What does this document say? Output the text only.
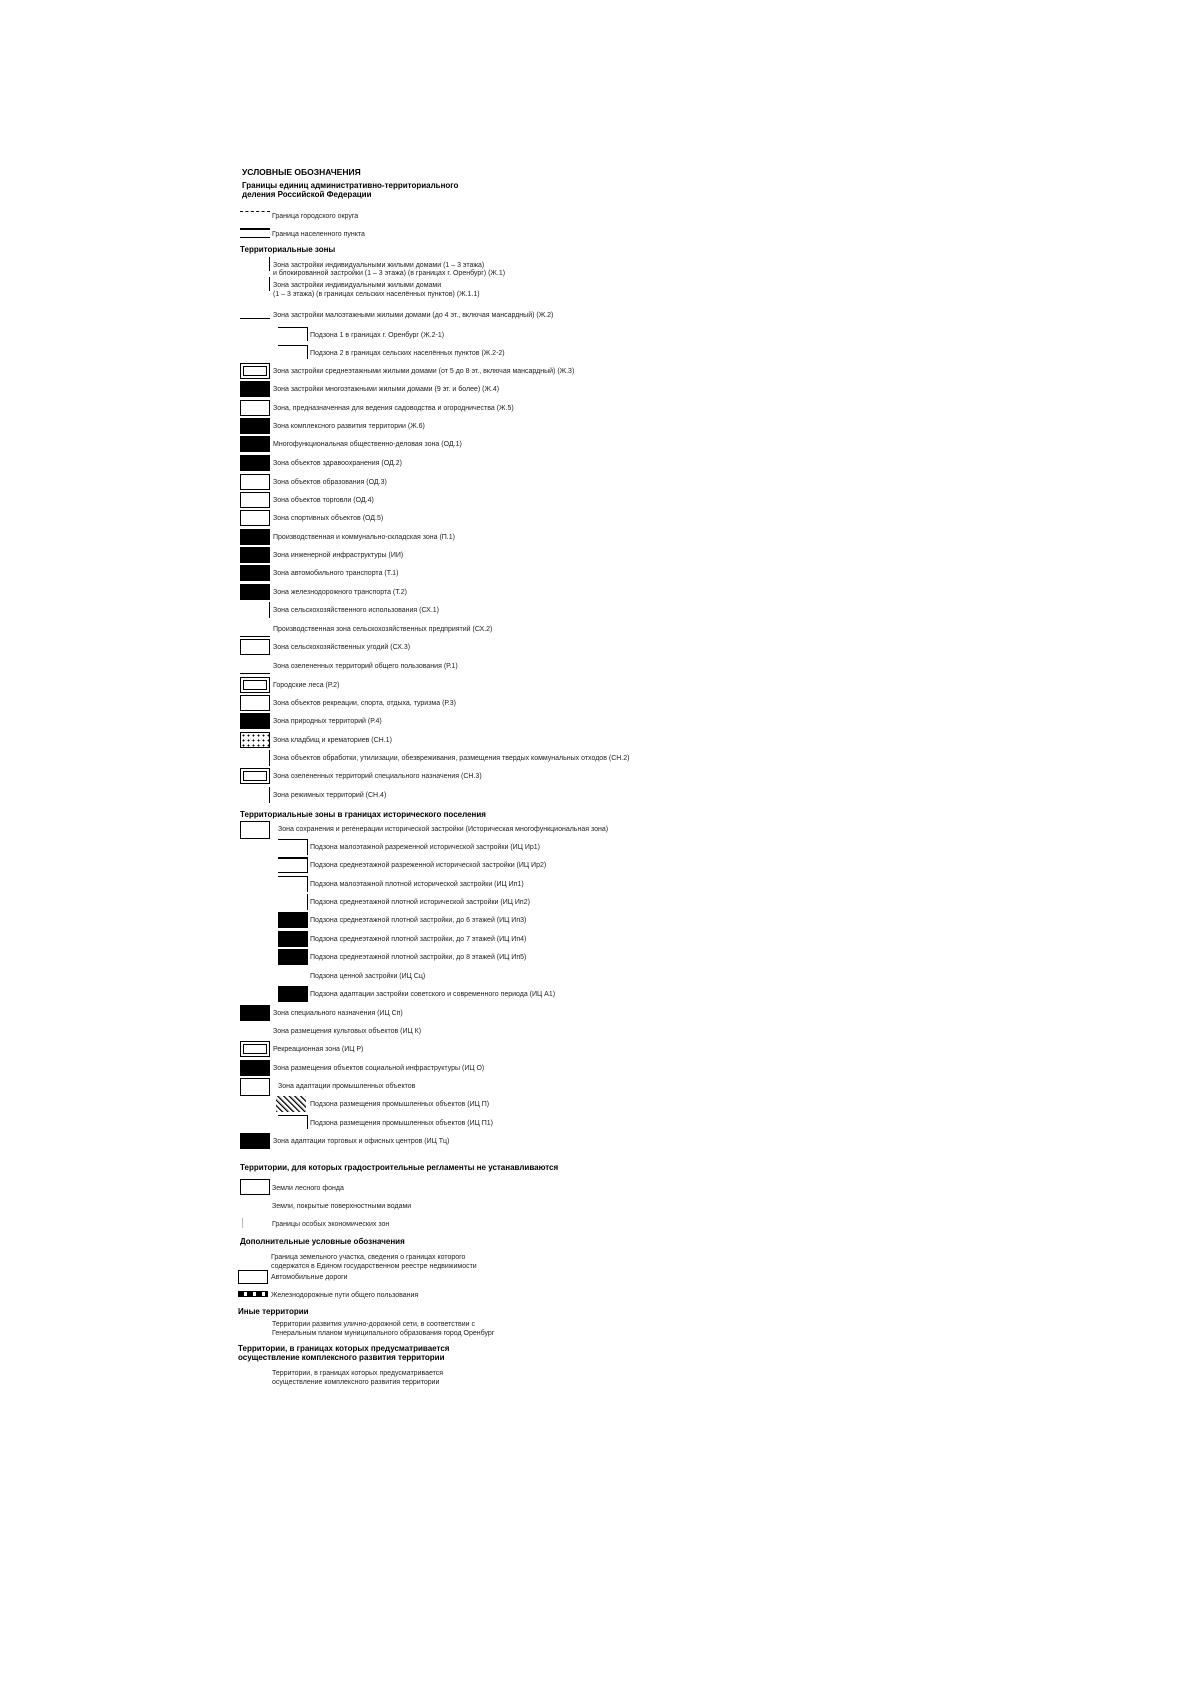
УСЛОВНЫЕ ОБОЗНАЧЕНИЯ
Границы единиц административно-территориального
деления Российской Федерации
Территориальные зоны
Территориальные зоны в границах исторического поселения
Территории, для которых градостроительные регламенты не устанавливаются
Дополнительные условные обозначения
Иные территории
Территории, в границах которых предусматривается
осуществление комплексного развития территории
Граница городского округа
Граница населенного пункта
Зона застройки индивидуальными жилыми домами (1 – 3 этажа)
и блокированной застройки (1 – 3 этажа) (в границах г. Оренбург) (Ж.1)
Зона застройки индивидуальными жилыми домами
(1 – 3 этажа) (в границах сельских населённых пунктов) (Ж.1.1)
Зона застройки малоэтажными жилыми домами (до 4 эт., включая мансардный) (Ж.2)
Подзона 1 в границах г. Оренбург (Ж.2-1)
Подзона 2 в границах сельских населённых пунктов (Ж.2-2)
Зона застройки среднеэтажными жилыми домами (от 5 до 8 эт., включая мансардный) (Ж.3)
Зона застройки многоэтажными жилыми домами (9 эт. и более) (Ж.4)
Зона, предназначенная для ведения садоводства и огородничества (Ж.5)
Зона комплексного развития территории (Ж.6)
Многофункциональная общественно-деловая зона (ОД.1)
Зона объектов здравоохранения (ОД.2)
Зона объектов образования (ОД.3)
Зона объектов торговли (ОД.4)
Зона спортивных объектов (ОД.5)
Производственная и коммунально-складская зона (П.1)
Зона инженерной инфраструктуры (ИИ)
Зона автомобильного транспорта (Т.1)
Зона железнодорожного транспорта (Т.2)
Зона сельскохозяйственного использования (СХ.1)
Производственная зона сельскохозяйственных предприятий (СХ.2)
Зона сельскохозяйственных угодий (СХ.3)
Зона озелененных территорий общего пользования (Р.1)
Городские леса (Р.2)
Зона объектов рекреации, спорта, отдыха, туризма (Р.3)
Зона природных территорий (Р.4)
Зона кладбищ и крематориев (СН.1)
Зона объектов обработки, утилизации, обезвреживания, размещения твердых коммунальных отходов (СН.2)
Зона озелененных территорий специального назначения (СН.3)
Зона режимных территорий (СН.4)
Зона сохранения и регенерации исторической застройки (Историческая многофункциональная зона)
Подзона малоэтажной разреженной исторической застройки (ИЦ Ир1)
Подзона среднеэтажной разреженной исторической застройки (ИЦ Ир2)
Подзона малоэтажной плотной исторической застройки (ИЦ Ип1)
Подзона среднеэтажной плотной исторической застройки (ИЦ Ип2)
Подзона среднеэтажной плотной застройки, до 6 этажей (ИЦ Ип3)
Подзона среднеэтажной плотной застройки, до 7 этажей (ИЦ Ип4)
Подзона среднеэтажной плотной застройки, до 8 этажей (ИЦ Ип5)
Подзона ценной застройки (ИЦ Сц)
Подзона адаптации застройки советского и современного периода (ИЦ А1)
Зона специального назначения (ИЦ Сп)
Зона размещения культовых объектов (ИЦ К)
Рекреационная зона (ИЦ Р)
Зона размещения объектов социальной инфраструктуры (ИЦ О)
Зона адаптации промышленных объектов
Подзона размещения промышленных объектов (ИЦ П)
Подзона размещения промышленных объектов (ИЦ П1)
Зона адаптации торговых и офисных центров (ИЦ Тц)
Земли лесного фонда
Земли, покрытые поверхностными водами
Границы особых экономических зон
Граница земельного участка, сведения о границах которого
содержатся в Едином государственном реестре недвижимости
Автомобильные дороги
Железнодорожные пути общего пользования
Территории развития улично-дорожной сети, в соответствии с
Генеральным планом муниципального образования город Оренбург
Территории, в границах которых предусматривается
осуществление комплексного развития территории
